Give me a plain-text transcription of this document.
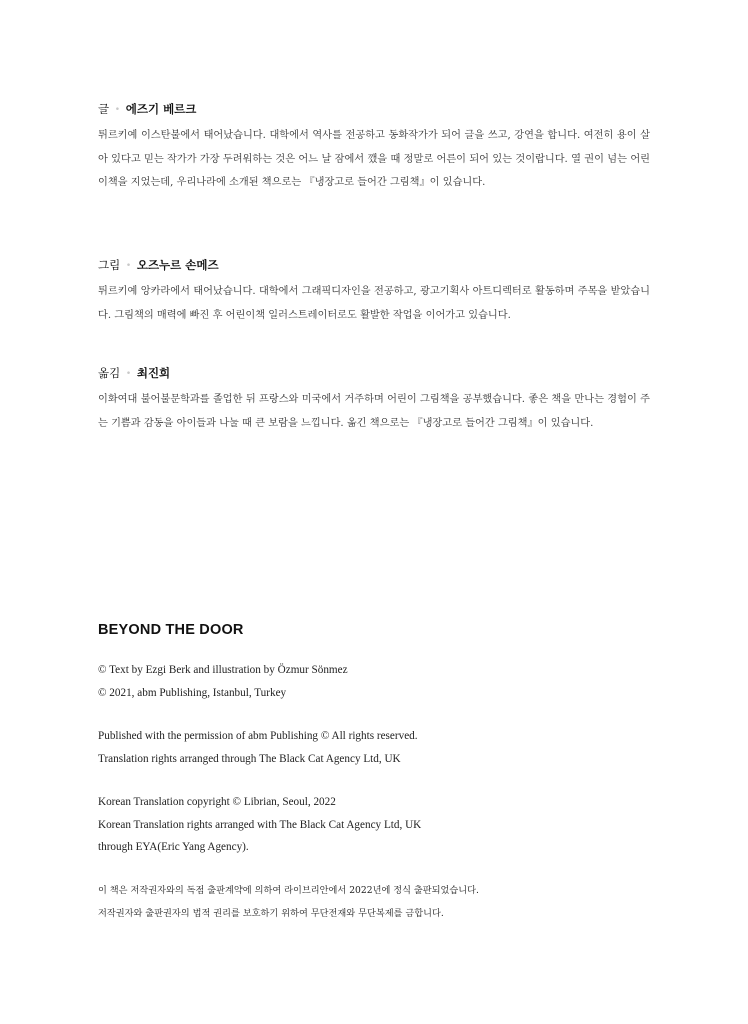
글 • 에즈기 베르크
튀르키예 이스탄불에서 태어났습니다. 대학에서 역사를 전공하고 동화작가가 되어 글을 쓰고, 강연을 합니다. 여전히 용이 살아 있다고 믿는 작가가 가장 두려워하는 것은 어느 날 잠에서 깼을 때 정말로 어른이 되어 있는 것이랍니다. 열 권이 넘는 어린이책을 지었는데, 우리나라에 소개된 책으로는 『냉장고로 들어간 그림책』이 있습니다.
그림 • 오즈누르 손메즈
튀르키예 앙카라에서 태어났습니다. 대학에서 그래픽디자인을 전공하고, 광고기획사 아트디렉터로 활동하며 주목을 받았습니다. 그림책의 매력에 빠진 후 어린이책 일러스트레이터로도 활발한 작업을 이어가고 있습니다.
옮김 • 최진희
이화여대 불어불문학과를 졸업한 뒤 프랑스와 미국에서 거주하며 어린이 그림책을 공부했습니다. 좋은 책을 만나는 경험이 주는 기쁨과 감동을 아이들과 나눌 때 큰 보람을 느낍니다. 옮긴 책으로는 『냉장고로 들어간 그림책』이 있습니다.
BEYOND THE DOOR
© Text by Ezgi Berk and illustration by Özmur Sönmez
© 2021, abm Publishing, Istanbul, Turkey
Published with the permission of abm Publishing © All rights reserved.
Translation rights arranged through The Black Cat Agency Ltd, UK
Korean Translation copyright © Librian, Seoul, 2022
Korean Translation rights arranged with The Black Cat Agency Ltd, UK
through EYA(Eric Yang Agency).
이 책은 저작권자와의 독점 출판계약에 의하여 라이브리안에서 2022년에 정식 출판되었습니다.
저작권자와 출판권자의 법적 권리를 보호하기 위하여 무단전재와 무단복제를 금합니다.
